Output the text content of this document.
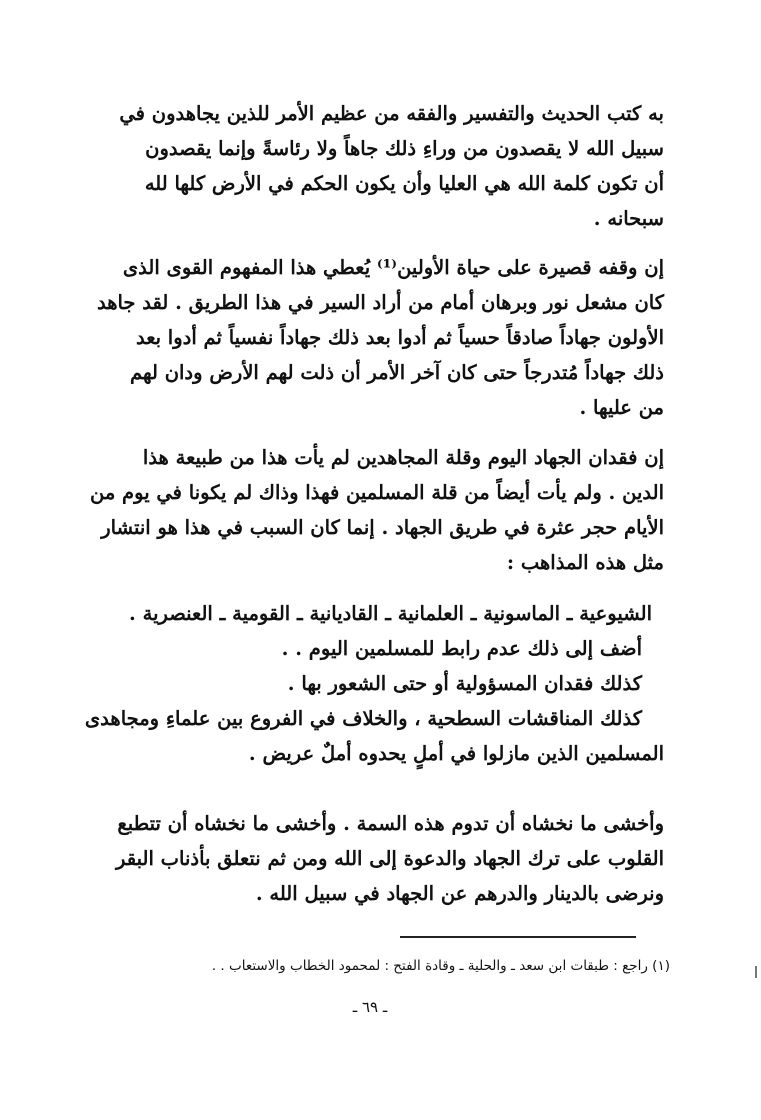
به كتب الحديث والتفسير والفقه من عظيم الأمر للذين يجاهدون في
سبيل الله لا يقصدون من وراءِ ذلك جاهاً ولا رئاسةً وإنما يقصدون
أن تكون كلمة الله هي العليا وأن يكون الحكم في الأرض كلها لله
سبحانه .

إن وقفه قصيرة على حياة الأولين⁽¹⁾ يُعطي هذا المفهوم القوى الذى
كان مشعل نور وبرهان أمام من أراد السير في هذا الطريق . لقد جاهد
الأولون جهاداً صادقاً حسياً ثم أدوا بعد ذلك جهاداً نفسياً ثم أدوا بعد
ذلك جهاداً مُتدرجاً حتى كان آخر الأمر أن ذلت لهم الأرض ودان لهم
من عليها .

إن فقدان الجهاد اليوم وقلة المجاهدين لم يأت هذا من طبيعة هذا
الدين . ولم يأت أيضاً من قلة المسلمين فهذا وذاك لم يكونا في يوم من
الأيام حجر عثرة في طريق الجهاد . إنما كان السبب في هذا هو انتشار
مثل هذه المذاهب :

الشيوعية ـ الماسونية ـ العلمانية ـ القاديانية ـ القومية ـ العنصرية .
أضف إلى ذلك عدم رابط للمسلمين اليوم . .
كذلك فقدان المسؤولية أو حتى الشعور بها .
كذلك المناقشات السطحية ، والخلاف في الفروع بين علماءِ ومجاهدى
المسلمين الذين مازلوا في أملٍ يحدوه أملٌ عريض .

وأخشى ما نخشاه أن تدوم هذه السمة . وأخشى ما نخشاه أن تتطبع
القلوب على ترك الجهاد والدعوة إلى الله ومن ثم نتعلق بأذناب البقر
ونرضى بالدينار والدرهم عن الجهاد في سبيل الله .

(١) راجع : طبقات ابن سعد ـ والحلية ـ وقادة الفتح : لمحمود الخطاب والاستعاب . .
ـ ٦٩ ـ
